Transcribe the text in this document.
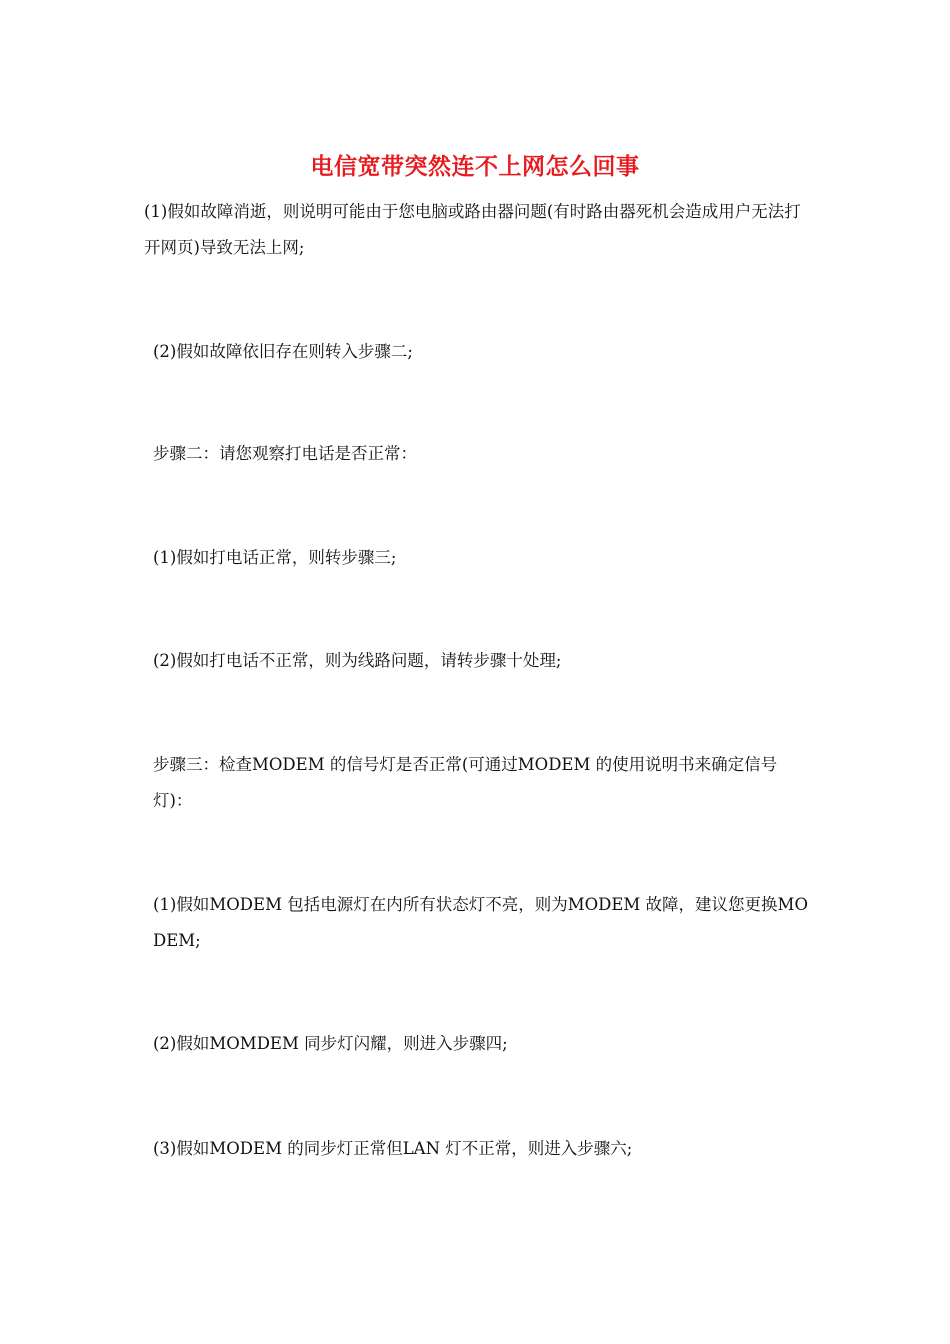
电信宽带突然连不上网怎么回事

(1)假如故障消逝，则说明可能由于您电脑或路由器问题(有时路由器死机会造成用户无法打开网页)导致无法上网;

(2)假如故障依旧存在则转入步骤二;

步骤二：请您观察打电话是否正常：

(1)假如打电话正常，则转步骤三;

(2)假如打电话不正常，则为线路问题，请转步骤十处理;

步骤三：检查MODEM 的信号灯是否正常(可通过MODEM 的使用说明书来确定信号灯)：

(1)假如MODEM 包括电源灯在内所有状态灯不亮，则为MODEM 故障，建议您更换MODEM;

(2)假如MOMDEM 同步灯闪耀，则进入步骤四;

(3)假如MODEM 的同步灯正常但LAN 灯不正常，则进入步骤六;
